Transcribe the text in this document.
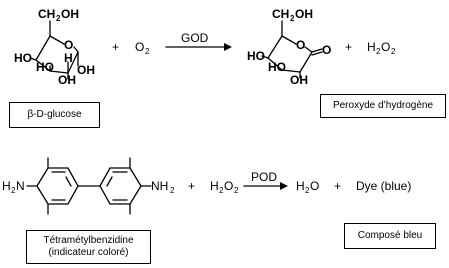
CH 2 OH
O
OH
H
OH
HO
HO
+ O 2
GOD
CH 2 OH
O O
OH
HO
HO
+ H 2 O 2
H 2 N	NH 2 + H 2 O 2
POD
H 2 O + Dye (blue)
β-D-glucose
Peroxyde d’hydrogène
Tétramétylbenzidine
(indicateur coloré)
Composé bleu
